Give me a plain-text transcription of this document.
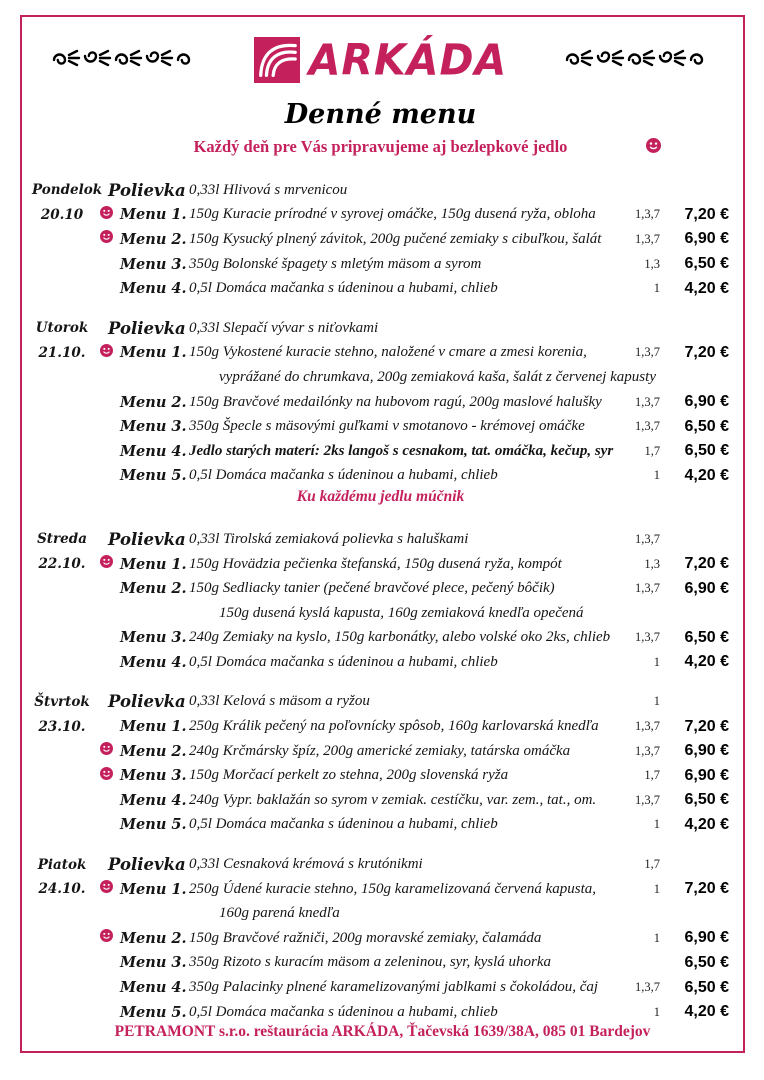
ARKÁDA
Denné menu
Každý deň pre Vás pripravujeme aj bezlepkové jedlo
Pondelok Polievka 0,33l Hlivová s mrvenicou
20.10	Menu 1. 150g Kuracie prírodné v syrovej omáčke, 150g dusená ryža, obloha	1,3,7	7,20 €
Menu 2. 150g Kysucký plnený závitok, 200g pučené zemiaky s cibuľkou, šalát	1,3,7	6,90 €
Menu 3. 350g Bolonské špagety s mletým mäsom a syrom	1,3	6,50 €
Menu 4. 0,5l Domáca mačanka s údeninou a hubami, chlieb	1	4,20 €
Utorok Polievka 0,33l Slepačí vývar s niťovkami
21.10.	Menu 1. 150g Vykostené kuracie stehno, naložené v cmare a zmesi korenia,	1,3,7	7,20 €
vyprážané do chrumkava, 200g zemiaková kaša, šalát z červenej kapusty
Menu 2. 150g Bravčové medailónky na hubovom ragú, 200g maslové halušky	1,3,7	6,90 €
Menu 3. 350g Špecle s mäsovými guľkami v smotanovo - krémovej omáčke	1,3,7	6,50 €
Menu 4. Jedlo starých materí: 2ks langoš s cesnakom, tat. omáčka, kečup, syr	1,7	6,50 €
Menu 5. 0,5l Domáca mačanka s údeninou a hubami, chlieb	1	4,20 €
Ku každému jedlu múčnik
Streda	Polievka 0,33l Tirolská zemiaková polievka s haluškami	1,3,7
22.10.	Menu 1. 150g Hovädzia pečienka štefanská, 150g dusená ryža, kompót	1,3	7,20 €
Menu 2. 150g Sedliacky tanier (pečené bravčové plece, pečený bôčik)	1,3,7	6,90 €
150g dusená kyslá kapusta, 160g zemiaková knedľa opečená
Menu 3. 240g Zemiaky na kyslo, 150g karbonátky, alebo volské oko 2ks, chlieb	1,3,7	6,50 €
Menu 4. 0,5l Domáca mačanka s údeninou a hubami, chlieb	1	4,20 €
Štvrtok Polievka 0,33l Kelová s mäsom a ryžou	1
23.10.	Menu 1. 250g Králik pečený na poľovnícky spôsob, 160g karlovarská knedľa	1,3,7	7,20 €
Menu 2. 240g Krčmársky špíz, 200g americké zemiaky, tatárska omáčka	1,3,7	6,90 €
Menu 3. 150g Morčací perkelt zo stehna, 200g slovenská ryža	1,7	6,90 €
Menu 4. 240g Vypr. baklažán so syrom v zemiak. cestíčku, var. zem., tat., om.	1,3,7	6,50 €
Menu 5. 0,5l Domáca mačanka s údeninou a hubami, chlieb	1	4,20 €
Piatok	Polievka 0,33l Cesnaková krémová s krutónikmi	1,7
24.10.	Menu 1. 250g Údené kuracie stehno, 150g karamelizovaná červená kapusta,	1	7,20 €
160g parená knedľa
Menu 2. 150g Bravčové ražniči, 200g moravské zemiaky, čalamáda	1	6,90 €
Menu 3. 350g Rizoto s kuracím mäsom a zeleninou, syr, kyslá uhorka	6,50 €
Menu 4. 350g Palacinky plnené karamelizovanými jablkami s čokoládou, čaj	1,3,7	6,50 €
Menu 5. 0,5l Domáca mačanka s údeninou a hubami, chlieb	1	4,20 €
PETRAMONT s.r.o. reštaurácia ARKÁDA, Ťačevská 1639/38A, 085 01 Bardejov
